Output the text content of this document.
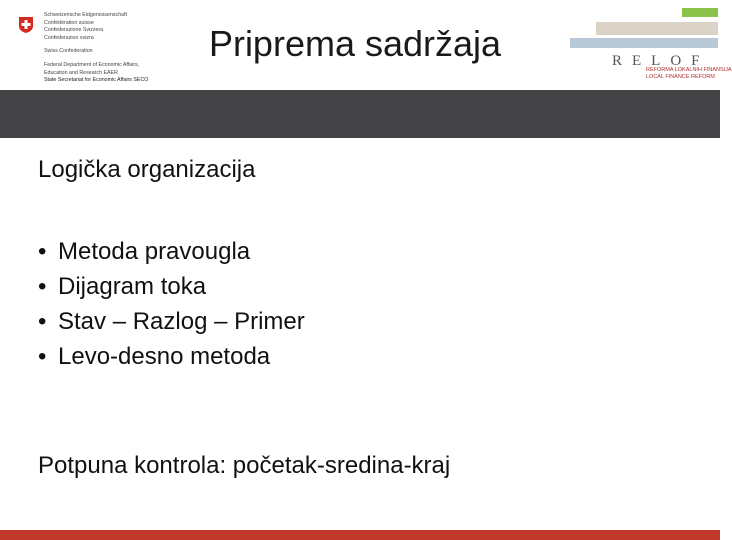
Schweizerische Eidgenossenschaft
Confédération suisse
Confederazione Svizzera
Confederaziun svizra
Swiss Confederation
Federal Department of Economic Affairs,
Education and Research EAER
State Secretariat for Economic Affairs SECO
Priprema sadržaja	RELOF
REFORMA LOKALNIH FINANSIJA
LOCAL FINANCE REFORM
Logička organizacija
• Metoda pravougla
• Dijagram toka
• Stav – Razlog – Primer
• Levo-desno metoda
Potpuna kontrola: početak-sredina-kraj
